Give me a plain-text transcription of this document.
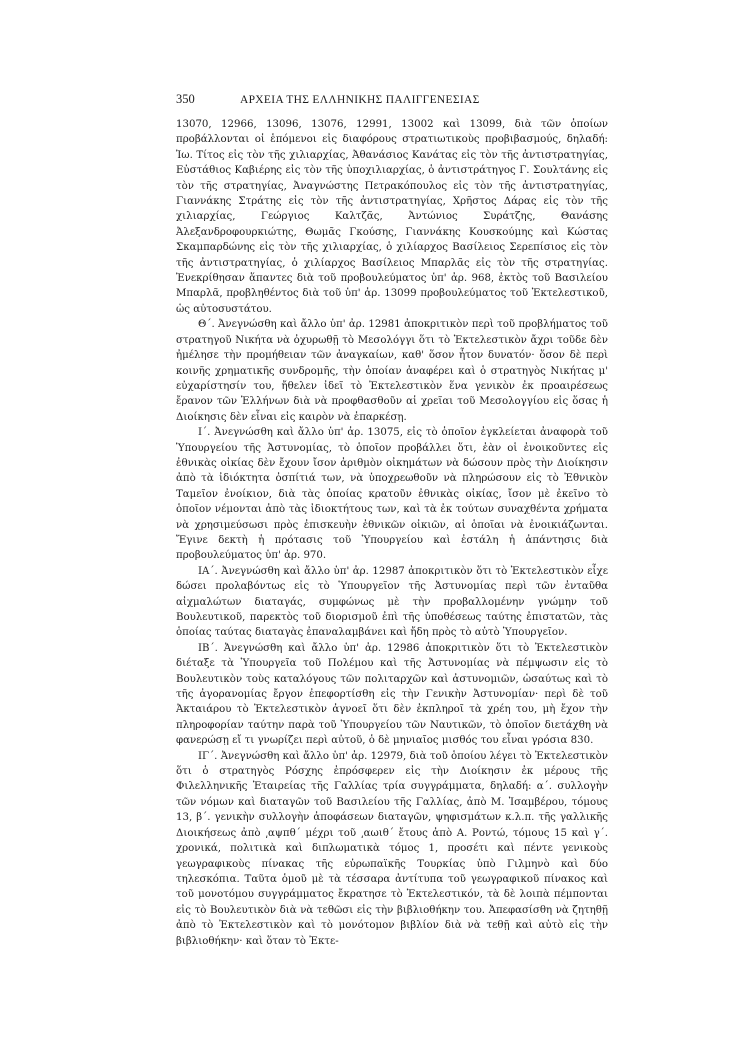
350	ΑΡΧΕΙΑ ΤΗΣ ΕΛΛΗΝΙΚΗΣ ΠΑΛΙΓΓΕΝΕΣΙΑΣ

13070, 12966, 13096, 13076, 12991, 13002 καὶ 13099, διὰ τῶν ὁποίων προβάλλονται οἱ ἑπόμενοι εἰς διαφόρους στρατιωτικοὺς προβιβασμούς, δηλαδή: Ἰω. Τίτος εἰς τὸν τῆς χιλιαρχίας, Ἀθανάσιος Κανάτας εἰς τὸν τῆς ἀντιστρατηγίας, Εὐστάθιος Καβιέρης εἰς τὸν τῆς ὑποχιλιαρχίας, ὁ ἀντιστράτηγος Γ. Σουλτάνης εἰς τὸν τῆς στρατηγίας, Ἀναγνώστης Πετρακόπουλος εἰς τὸν τῆς ἀντιστρατηγίας, Γιαννάκης Στράτης εἰς τὸν τῆς ἀντιστρατηγίας, Χρῆστος Δάρας εἰς τὸν τῆς χιλιαρχίας, Γεώργιος Καλτζᾶς, Ἀντώνιος Συράτζης, Θανάσης Ἀλεξανδροφουρκιώτης, Θωμᾶς Γκούσης, Γιαννάκης Κουσκούμης καὶ Κώστας Σκαμπαρδώνης εἰς τὸν τῆς χιλιαρχίας, ὁ χιλίαρχος Βασίλειος Σερεπίσιος εἰς τὸν τῆς ἀντιστρατηγίας, ὁ χιλίαρχος Βασίλειος Μπαρλᾶς εἰς τὸν τῆς στρατηγίας. Ἐνεκρίθησαν ἅπαντες διὰ τοῦ προβουλεύματος ὑπ' ἀρ. 968, ἐκτὸς τοῦ Βασιλείου Μπαρλᾶ, προβληθέντος διὰ τοῦ ὑπ' ἀρ. 13099 προβουλεύματος τοῦ Ἐκτελεστικοῦ, ὡς αὐτοσυστάτου.

Θ΄. Ἀνεγνώσθη καὶ ἄλλο ὑπ' ἀρ. 12981 ἀποκριτικὸν περὶ τοῦ προβλήματος τοῦ στρατηγοῦ Νικήτα νὰ ὀχυρωθῇ τὸ Μεσολόγγι ὅτι τὸ Ἐκτελεστικὸν ἄχρι τοῦδε δὲν ἠμέλησε τὴν προμήθειαν τῶν ἀναγκαίων, καθ' ὅσον ἦτον δυνατόν· ὅσον δὲ περὶ κοινῆς χρηματικῆς συνδρομῆς, τὴν ὁποίαν ἀναφέρει καὶ ὁ στρατηγὸς Νικήτας μ' εὐχαρίστησίν του, ἤθελεν ἰδεῖ τὸ Ἐκτελεστικὸν ἕνα γενικὸν ἐκ προαιρέσεως ἔρανον τῶν Ἑλλήνων διὰ νὰ προφθασθοῦν αἱ χρεῖαι τοῦ Μεσολογγίου εἰς ὅσας ἡ Διοίκησις δὲν εἶναι εἰς καιρὸν νὰ ἐπαρκέσῃ.

Ι΄. Ἀνεγνώσθη καὶ ἄλλο ὑπ' ἀρ. 13075, εἰς τὸ ὁποῖον ἐγκλείεται ἀναφορὰ τοῦ Ὑπουργείου τῆς Ἀστυνομίας, τὸ ὁποῖον προβάλλει ὅτι, ἐὰν οἱ ἐνοικοῦντες εἰς ἐθνικὰς οἰκίας δὲν ἔχουν ἴσον ἀριθμὸν οἰκημάτων νὰ δώσουν πρὸς τὴν Διοίκησιν ἀπὸ τὰ ἰδιόκτητα ὀσπίτιά των, νὰ ὑποχρεωθοῦν νὰ πληρώσουν εἰς τὸ Ἐθνικὸν Ταμεῖον ἐνοίκιον, διὰ τὰς ὁποίας κρατοῦν ἐθνικὰς οἰκίας, ἴσον μὲ ἐκεῖνο τὸ ὁποῖον νέμονται ἀπὸ τὰς ἰδιοκτήτους των, καὶ τὰ ἐκ τούτων συναχθέντα χρήματα νὰ χρησιμεύσωσι πρὸς ἐπισκευὴν ἐθνικῶν οἰκιῶν, αἱ ὁποῖαι νὰ ἐνοικιάζωνται. Ἔγινε δεκτὴ ἡ πρότασις τοῦ Ὑπουργείου καὶ ἐστάλη ἡ ἀπάντησις διὰ προβουλεύματος ὑπ' ἀρ. 970.

ΙΑ΄. Ἀνεγνώσθη καὶ ἄλλο ὑπ' ἀρ. 12987 ἀποκριτικὸν ὅτι τὸ Ἐκτελεστικὸν εἶχε δώσει προλαβόντως εἰς τὸ Ὑπουργεῖον τῆς Ἀστυνομίας περὶ τῶν ἐνταῦθα αἰχμαλώτων διαταγάς, συμφώνως μὲ τὴν προβαλλομένην γνώμην τοῦ Βουλευτικοῦ, παρεκτὸς τοῦ διορισμοῦ ἐπὶ τῆς ὑποθέσεως ταύτης ἐπιστατῶν, τὰς ὁποίας ταύτας διαταγὰς ἐπαναλαμβάνει καὶ ἤδη πρὸς τὸ αὐτὸ Ὑπουργεῖον.

ΙΒ΄. Ἀνεγνώσθη καὶ ἄλλο ὑπ' ἀρ. 12986 ἀποκριτικὸν ὅτι τὸ Ἐκτελεστικὸν διέταξε τὰ Ὑπουργεῖα τοῦ Πολέμου καὶ τῆς Ἀστυνομίας νὰ πέμψωσιν εἰς τὸ Βουλευτικὸν τοὺς καταλόγους τῶν πολιταρχῶν καὶ ἀστυνομιῶν, ὡσαύτως καὶ τὸ τῆς ἀγορανομίας ἔργον ἐπεφορτίσθη εἰς τὴν Γενικὴν Ἀστυνομίαν· περὶ δὲ τοῦ Ἀκταιάρου τὸ Ἐκτελεστικὸν ἀγνοεῖ ὅτι δὲν ἐκπληροῖ τὰ χρέη του, μὴ ἔχον τὴν πληροφορίαν ταύτην παρὰ τοῦ Ὑπουργείου τῶν Ναυτικῶν, τὸ ὁποῖον διετάχθη νὰ φανερώσῃ εἴ τι γνωρίζει περὶ αὐτοῦ, ὁ δὲ μηνιαῖος μισθός του εἶναι γρόσια 830.

ΙΓ΄. Ἀνεγνώσθη καὶ ἄλλο ὑπ' ἀρ. 12979, διὰ τοῦ ὁποίου λέγει τὸ Ἐκτελεστικὸν ὅτι ὁ στρατηγὸς Ρόσχης ἐπρόσφερεν εἰς τὴν Διοίκησιν ἐκ μέρους τῆς Φιλελληνικῆς Ἑταιρείας τῆς Γαλλίας τρία συγγράμματα, δηλαδή: α΄. συλλογὴν τῶν νόμων καὶ διαταγῶν τοῦ Βασιλείου τῆς Γαλλίας, ἀπὸ Μ. Ἰσαμβέρου, τόμους 13, β΄. γενικὴν συλλογὴν ἀποφάσεων διαταγῶν, ψηφισμάτων κ.λ.π. τῆς γαλλικῆς Διοικήσεως ἀπὸ ͵αψπθ΄ μέχρι τοῦ ͵αωιθ΄ ἔτους ἀπὸ Α. Ροντώ, τόμους 15 καὶ γ΄. χρονικά, πολιτικὰ καὶ διπλωματικὰ τόμος 1, προσέτι καὶ πέντε γενικοὺς γεωγραφικοὺς πίνακας τῆς εὐρωπαϊκῆς Τουρκίας ὑπὸ Γιλμηνὸ καὶ δύο τηλεσκόπια. Ταῦτα ὁμοῦ μὲ τὰ τέσσαρα ἀντίτυπα τοῦ γεωγραφικοῦ πίνακος καὶ τοῦ μονοτόμου συγγράμματος ἔκρατησε τὸ Ἐκτελεστικόν, τὰ δὲ λοιπὰ πέμπονται εἰς τὸ Βουλευτικὸν διὰ νὰ τεθῶσι εἰς τὴν βιβλιοθήκην του. Ἀπεφασίσθη νὰ ζητηθῇ ἀπὸ τὸ Ἐκτελεστικὸν καὶ τὸ μονότομον βιβλίον διὰ νὰ τεθῇ καὶ αὐτὸ εἰς τὴν βιβλιοθήκην· καὶ ὅταν τὸ Ἐκτε-
